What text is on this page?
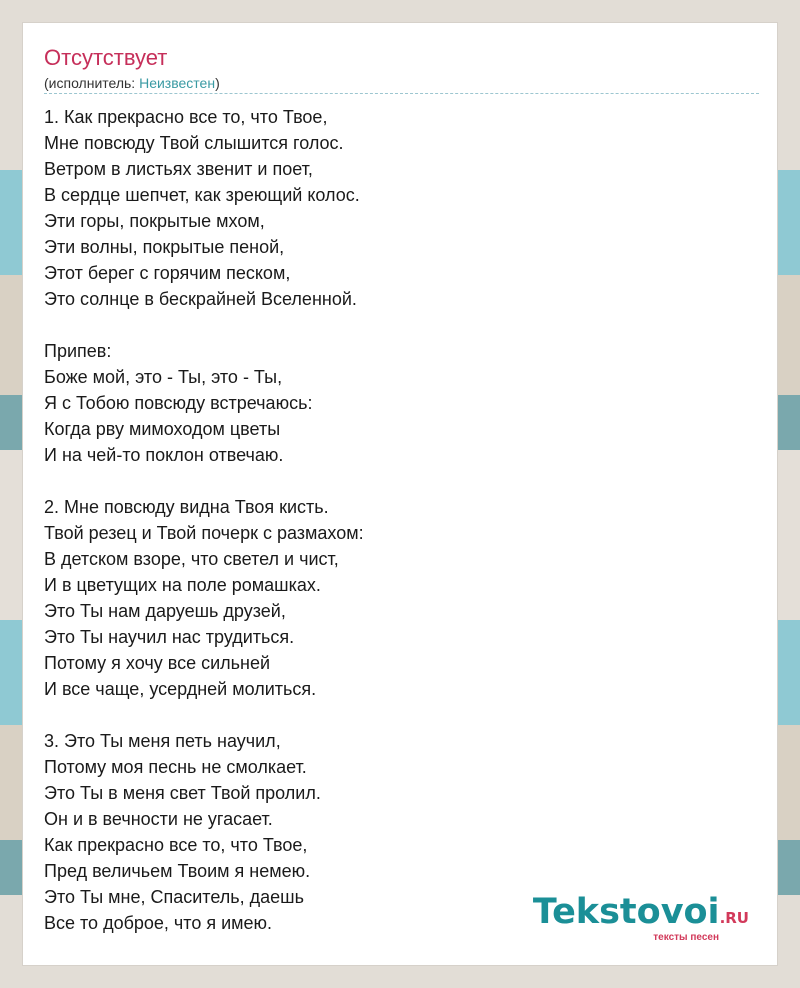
Отсутствует
(исполнитель: Неизвестен)
1. Как прекрасно все то, что Твое,
Мне повсюду Твой слышится голос.
Ветром в листьях звенит и поет,
В сердце шепчет, как зреющий колос.
Эти горы, покрытые мхом,
Эти волны, покрытые пеной,
Этот берег с горячим песком,
Это солнце в бескрайней Вселенной.
Припев:
Боже мой, это - Ты, это - Ты,
Я с Тобою повсюду встречаюсь:
Когда рву мимоходом цветы
И на чей-то поклон отвечаю.
2. Мне повсюду видна Твоя кисть.
Твой резец и Твой почерк с размахом:
В детском взоре, что светел и чист,
И в цветущих на поле ромашках.
Это Ты нам даруешь друзей,
Это Ты научил нас трудиться.
Потому я хочу все сильней
И все чаще, усердней молиться.
3. Это Ты меня петь научил,
Потому моя песнь не смолкает.
Это Ты в меня свет Твой пролил.
Он и в вечности не угасает.
Как прекрасно все то, что Твое,
Пред величьем Твоим я немею.
Это Ты мне, Спаситель, даешь
Все то доброе, что я имею.	Tekstovoi.RU
тексты песен
